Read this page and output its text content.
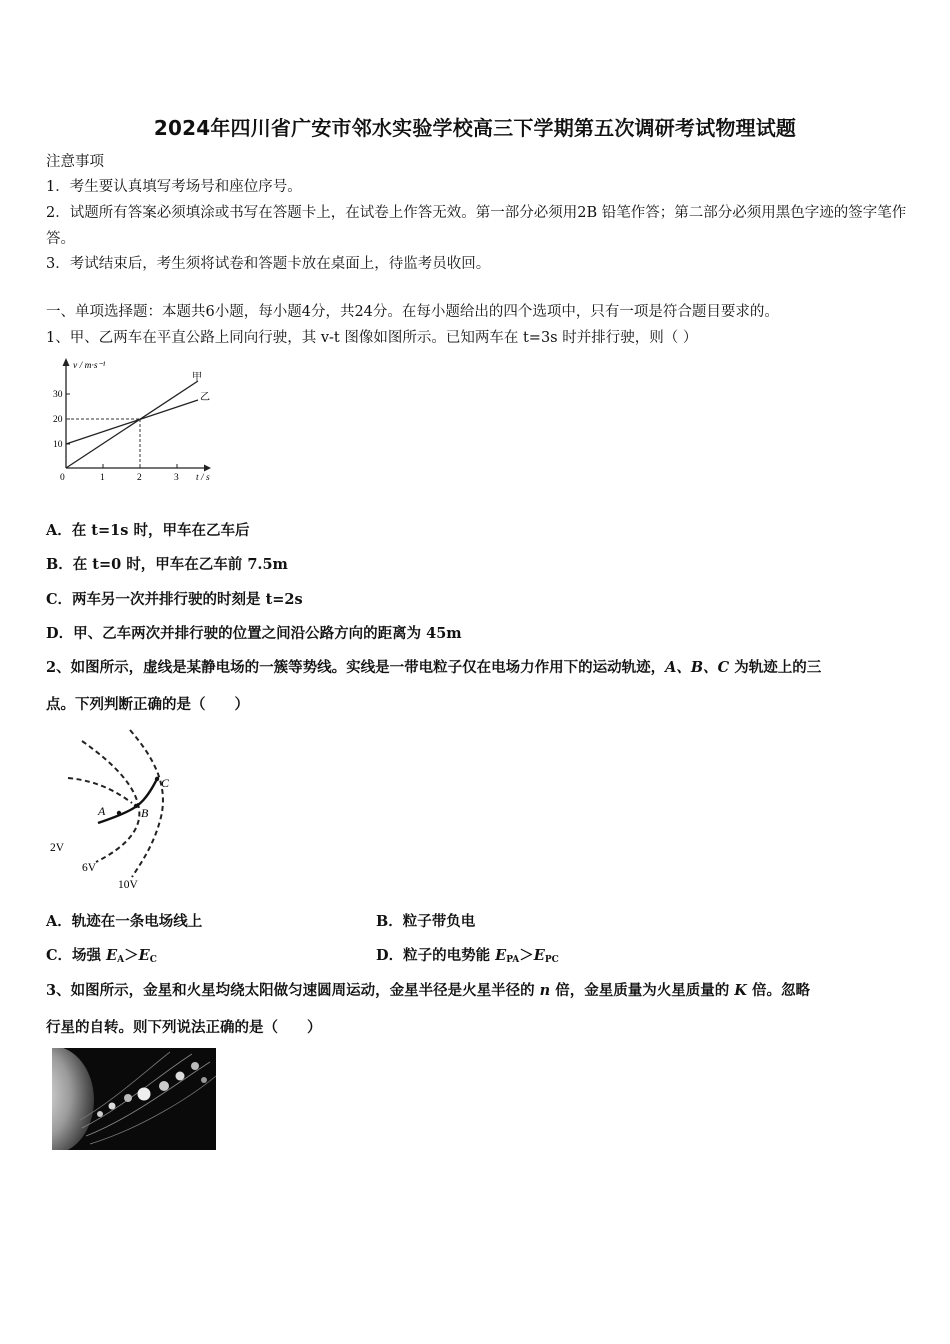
2024年四川省广安市邻水实验学校高三下学期第五次调研考试物理试题
注意事项
1．考生要认真填写考场号和座位序号。
2．试题所有答案必须填涂或书写在答题卡上，在试卷上作答无效。第一部分必须用2B 铅笔作答；第二部分必须用黑色字迹的签字笔作答。
3．考试结束后，考生须将试卷和答题卡放在桌面上，待监考员收回。
一、单项选择题：本题共6小题，每小题4分，共24分。在每小题给出的四个选项中，只有一项是符合题目要求的。
1、甲、乙两车在平直公路上同向行驶，其 v-t 图像如图所示。已知两车在 t=3s 时并排行驶，则（ ）
v / m·s⁻¹
t / s
30
20
10
0	1	2	3
甲
乙
A．在 t=1s 时，甲车在乙车后
B．在 t=0 时，甲车在乙车前 7.5m
C．两车另一次并排行驶的时刻是 t=2s
D．甲、乙车两次并排行驶的位置之间沿公路方向的距离为 45m
2、如图所示，虚线是某静电场的一簇等势线。实线是一带电粒子仅在电场力作用下的运动轨迹，A、B、C 为轨迹上的三
点。下列判断正确的是（　　）
A	B
C
2V
6V
10V
A．轨迹在一条电场线上	B．粒子带负电
C．场强 $E_A>E_C$	D．粒子的电势能 $E_{PA}>E_{PC}$
3、如图所示，金星和火星均绕太阳做匀速圆周运动，金星半径是火星半径的 n 倍，金星质量为火星质量的 K 倍。忽略
行星的自转。则下列说法正确的是（　　）
